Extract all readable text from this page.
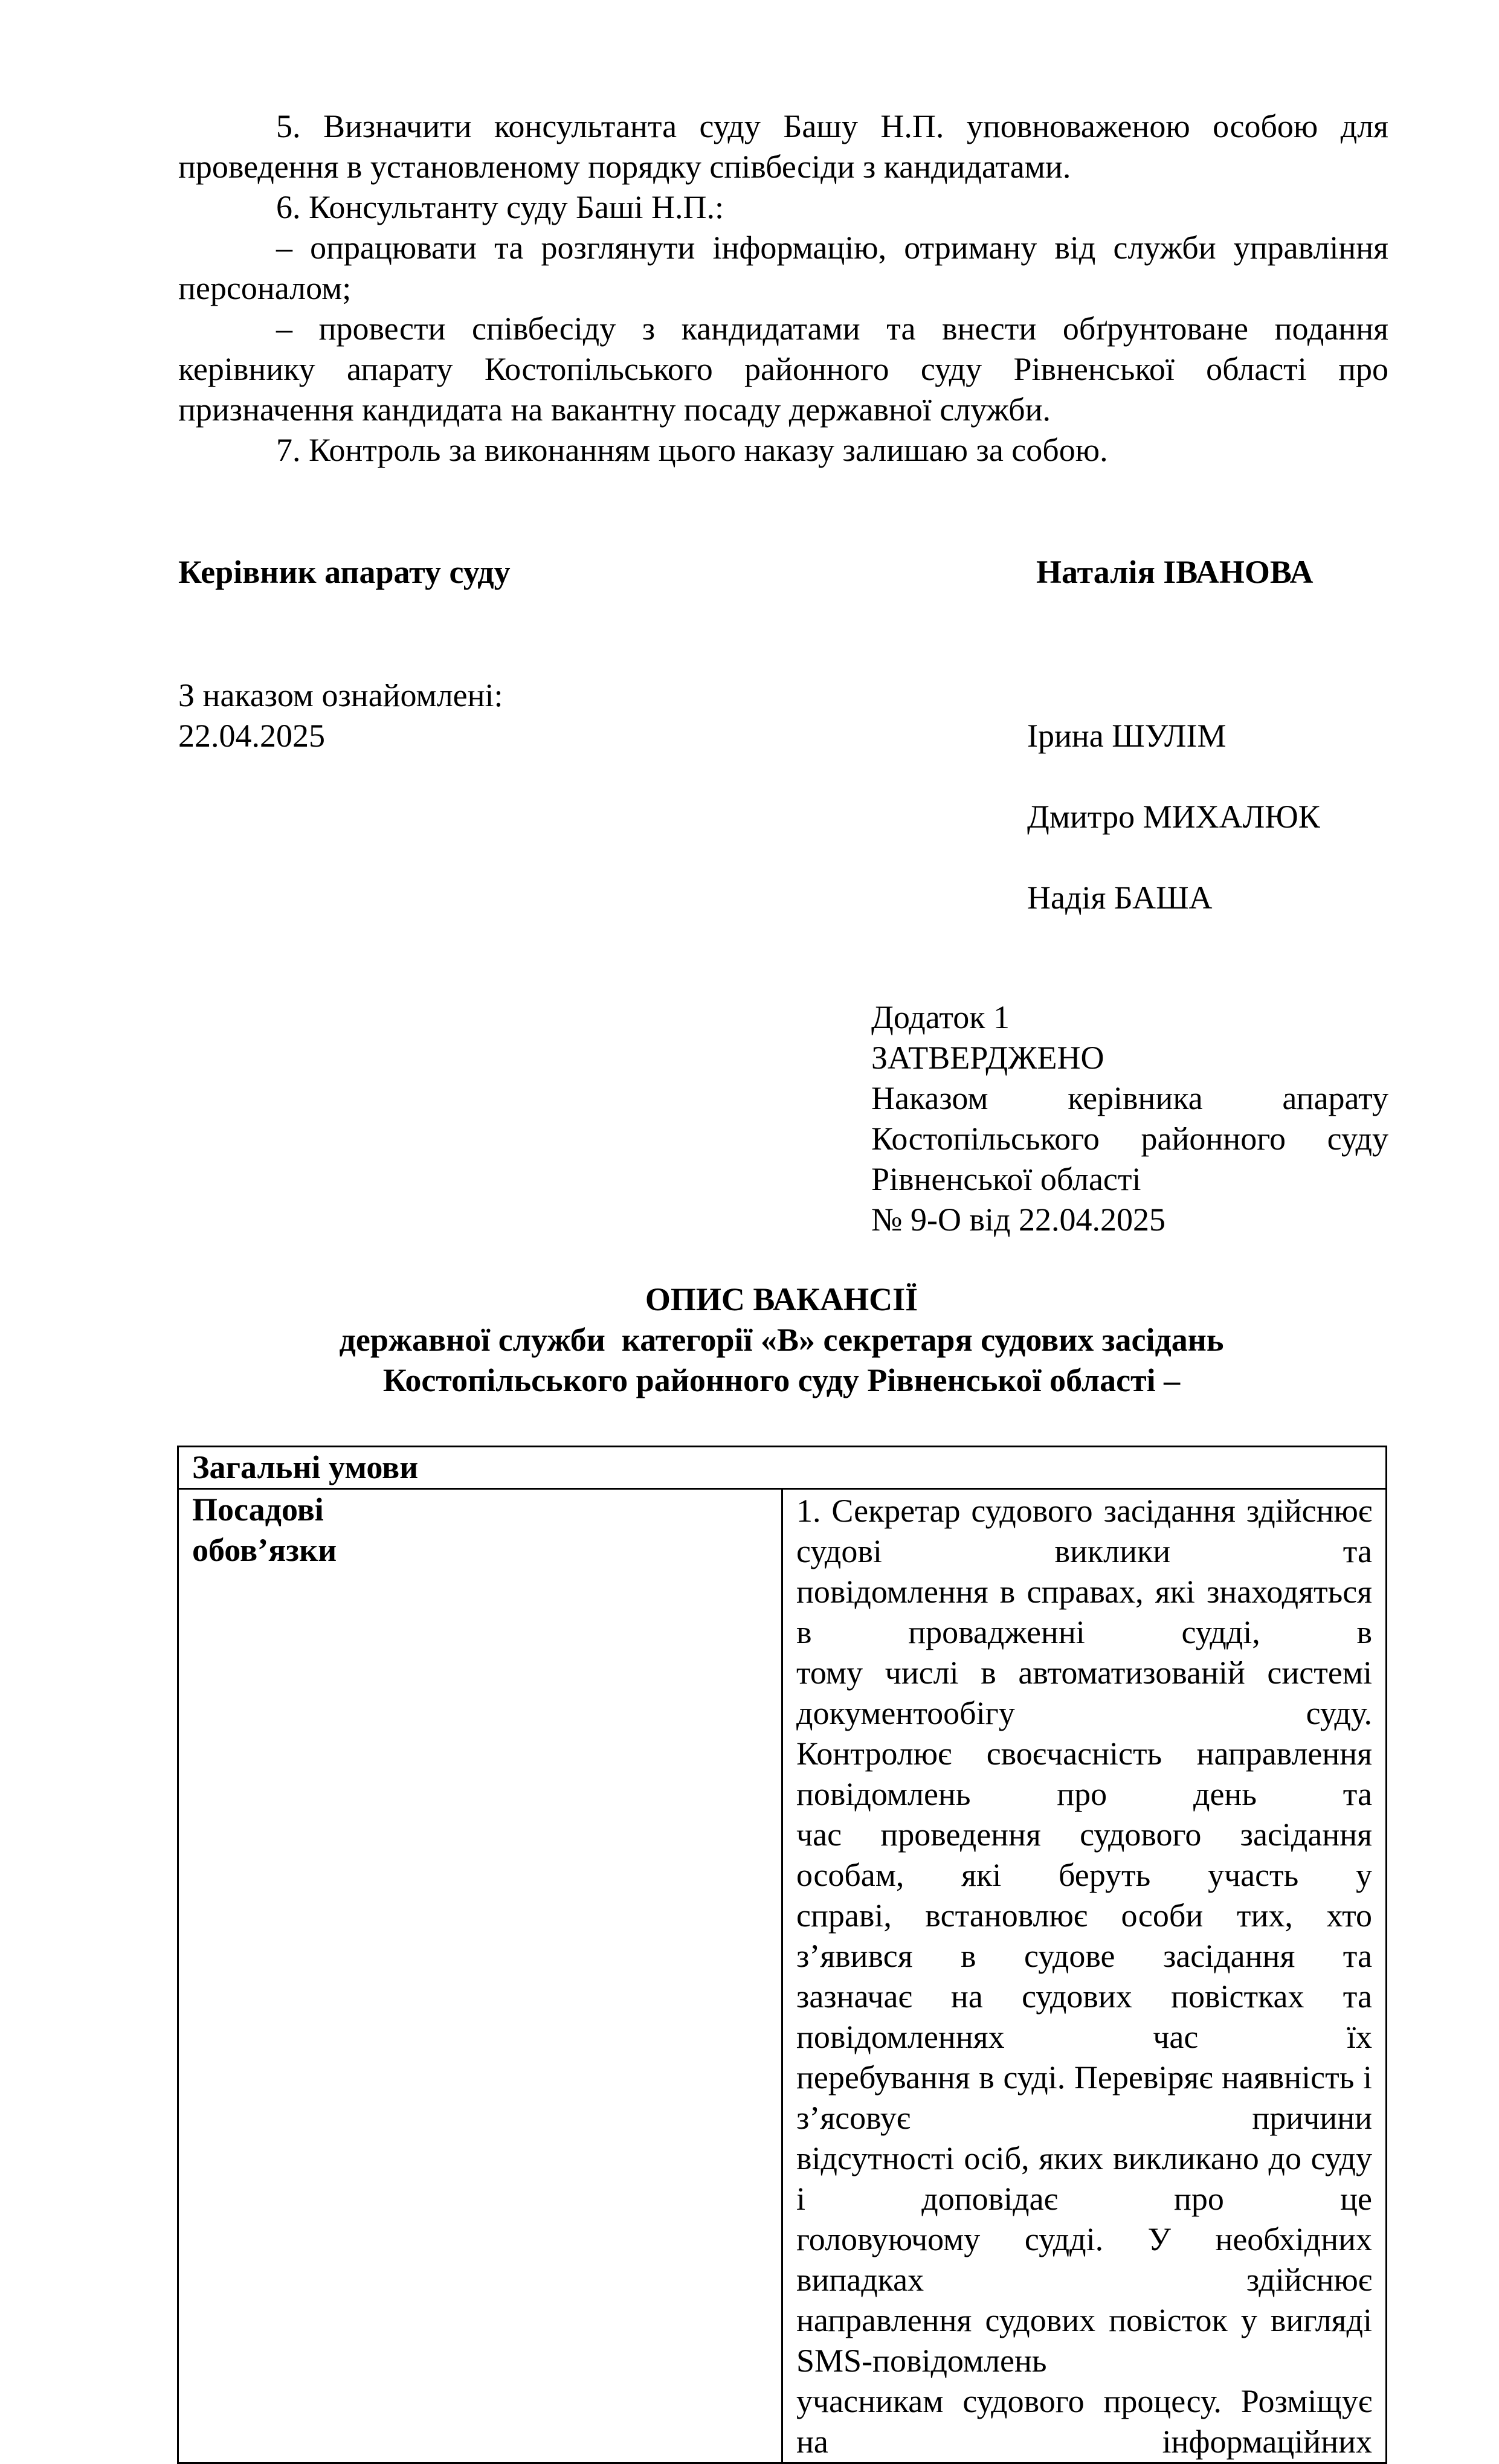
5. Визначити консультанта суду Башу Н.П. уповноваженою особою для

проведення в установленому порядку співбесіди з кандидатами.

6. Консультанту суду Баші Н.П.:

– опрацювати та розглянути інформацію, отриману від служби управління

персоналом;

– провести співбесіду з кандидатами та внести обґрунтоване подання

керівнику апарату Костопільського районного суду Рівненської області про

призначення кандидата на вакантну посаду державної служби.

7. Контроль за виконанням цього наказу залишаю за собою.

Керівник апарату суду	Наталія ІВАНОВА
З наказом ознайомлені:
22.04.2025	Ірина ШУЛІМ
Дмитро МИХАЛЮК
Надія БАША
Додаток 1
ЗАТВЕРДЖЕНО
Наказом керівника апарату
Костопільського районного суду
Рівненської області
№ 9-О від 22.04.2025
ОПИС ВАКАНСІЇ
державної служби  категорії «В» секретаря судових засідань
Костопільського районного суду Рівненської області –
Загальні умови

Посадові
обов’язки

1. Секретар судового засідання здійснює судові виклики та
повідомлення в справах, які знаходяться в провадженні судді, в
тому числі в автоматизованій системі документообігу суду.
Контролює своєчасність направлення повідомлень про день та
час проведення судового засідання особам, які беруть участь у
справі, встановлює особи тих, хто з’явився в судове засідання та
зазначає на судових повістках та повідомленнях час їх
перебування в суді. Перевіряє наявність і з’ясовує причини
відсутності осіб, яких викликано до суду і доповідає про це
головуючому судді. У необхідних випадках здійснює
направлення судових повісток у вигляді SMS-повідомлень
учасникам судового процесу. Розміщує на інформаційних
